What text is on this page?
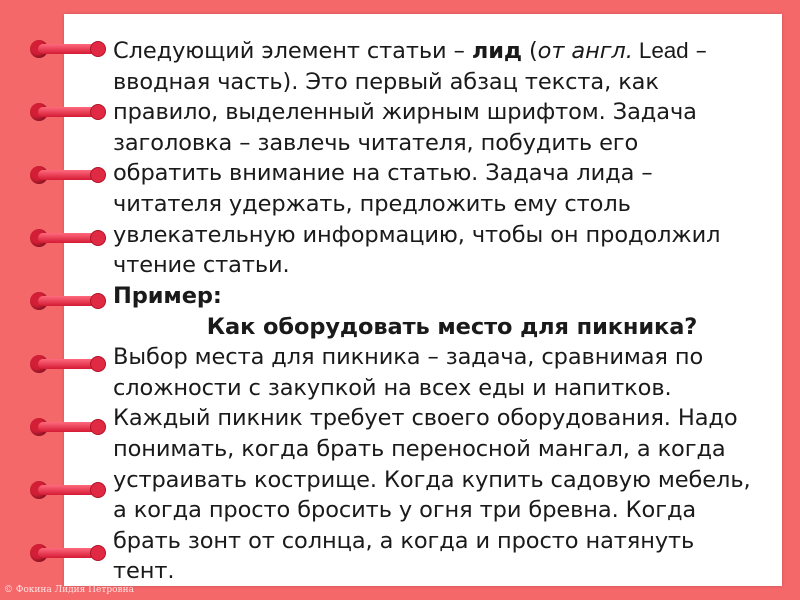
Следующий элемент статьи – лид (от англ. Lead – вводная часть). Это первый абзац текста, как правило, выделенный жирным шрифтом. Задача заголовка – завлечь читателя, побудить его обратить внимание на статью. Задача лида – читателя удержать, предложить ему столь увлекательную информацию, чтобы он продолжил чтение статьи.
Пример:
Как оборудовать место для пикника?
Выбор места для пикника – задача, сравнимая по сложности с закупкой на всех еды и напитков. Каждый пикник требует своего оборудования. Надо понимать, когда брать переносной мангал, а когда устраивать кострище. Когда купить садовую мебель, а когда просто бросить у огня три бревна. Когда брать зонт от солнца, а когда и просто натянуть тент.
© Фокина Лидия Петровна
